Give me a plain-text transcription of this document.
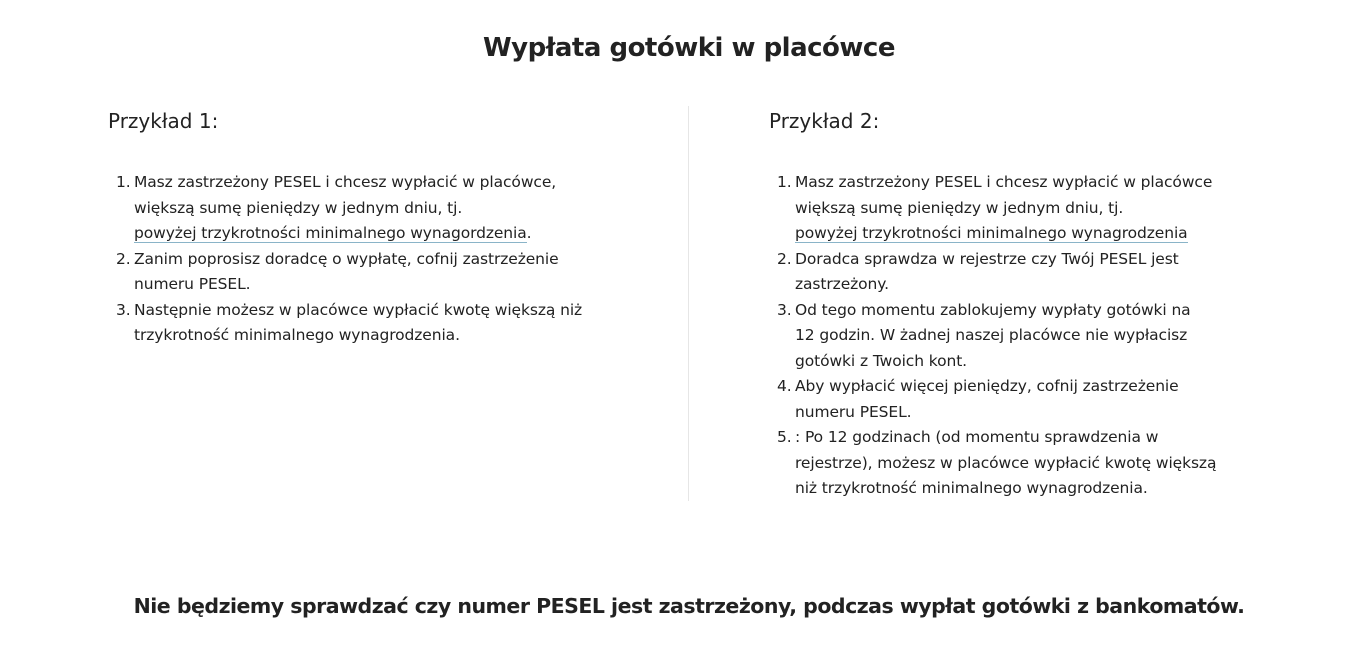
Wypłata gotówki w placówce
Przykład 1:
1. Masz zastrzeżony PESEL i chcesz wypłacić w placówce,
większą sumę pieniędzy w jednym dniu, tj.
powyżej trzykrotności minimalnego wynagordzenia.
2. Zanim poprosisz doradcę o wypłatę, cofnij zastrzeżenie
numeru PESEL.
3. Następnie możesz w placówce wypłacić kwotę większą niż
trzykrotność minimalnego wynagrodzenia.
Przykład 2:
1. Masz zastrzeżony PESEL i chcesz wypłacić w placówce
większą sumę pieniędzy w jednym dniu, tj.
powyżej trzykrotności minimalnego wynagrodzenia
2. Doradca sprawdza w rejestrze czy Twój PESEL jest
zastrzeżony.
3. Od tego momentu zablokujemy wypłaty gotówki na
12 godzin. W żadnej naszej placówce nie wypłacisz
gotówki z Twoich kont.
4. Aby wypłacić więcej pieniędzy, cofnij zastrzeżenie
numeru PESEL.
5. : Po 12 godzinach (od momentu sprawdzenia w
rejestrze), możesz w placówce wypłacić kwotę większą
niż trzykrotność minimalnego wynagrodzenia.

Nie będziemy sprawdzać czy numer PESEL jest zastrzeżony, podczas wypłat gotówki z bankomatów.
